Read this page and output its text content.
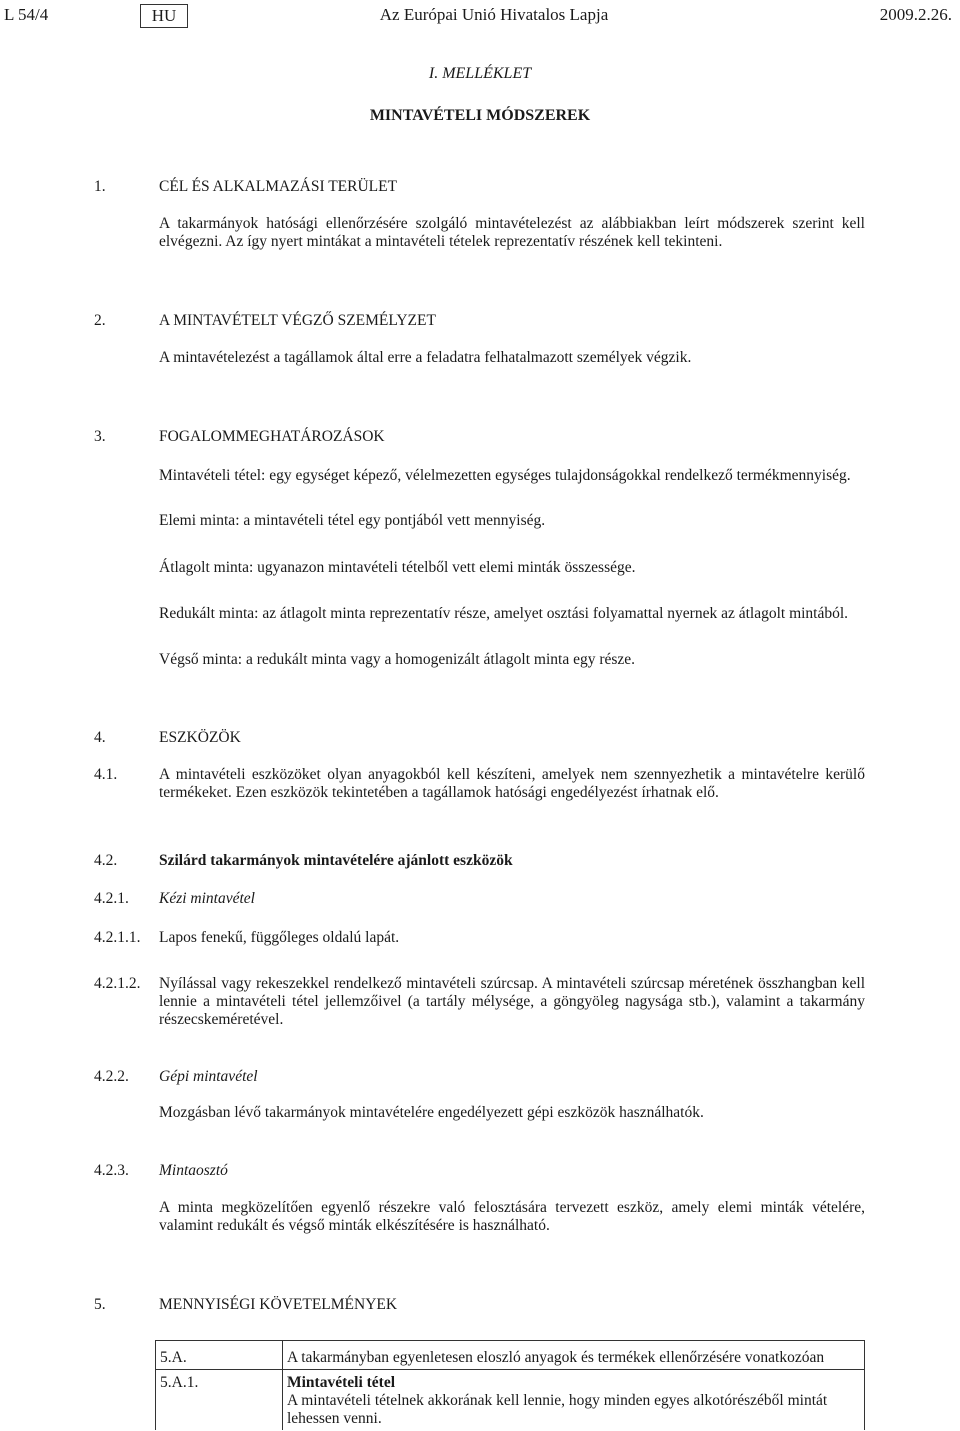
L 54/4	HU	Az Európai Unió Hivatalos Lapja	2009.2.26.
I. MELLÉKLET
MINTAVÉTELI MÓDSZEREK
1.	CÉL ÉS ALKALMAZÁSI TERÜLET
A takarmányok hatósági ellenőrzésére szolgáló mintavételezést az alábbiakban leírt módszerek szerint kell elvégezni. Az így nyert mintákat a mintavételi tételek reprezentatív részének kell tekinteni.
2.	A MINTAVÉTELT VÉGZŐ SZEMÉLYZET
A mintavételezést a tagállamok által erre a feladatra felhatalmazott személyek végzik.
3.	FOGALOMMEGHATÁROZÁSOK
Mintavételi tétel: egy egységet képező, vélelmezetten egységes tulajdonságokkal rendelkező termékmennyiség.
Elemi minta: a mintavételi tétel egy pontjából vett mennyiség.
Átlagolt minta: ugyanazon mintavételi tételből vett elemi minták összessége.
Redukált minta: az átlagolt minta reprezentatív része, amelyet osztási folyamattal nyernek az átlagolt mintából.
Végső minta: a redukált minta vagy a homogenizált átlagolt minta egy része.
4.	ESZKÖZÖK
4.1.	A mintavételi eszközöket olyan anyagokból kell készíteni, amelyek nem szennyezhetik a mintavételre kerülő termékeket. Ezen eszközök tekintetében a tagállamok hatósági engedélyezést írhatnak elő.
4.2.	Szilárd takarmányok mintavételére ajánlott eszközök
4.2.1. Kézi mintavétel
4.2.1.1. Lapos fenekű, függőleges oldalú lapát.
4.2.1.2. Nyílással vagy rekeszekkel rendelkező mintavételi szúrcsap. A mintavételi szúrcsap méretének összhangban kell lennie a mintavételi tétel jellemzőivel (a tartály mélysége, a göngyöleg nagysága stb.), valamint a takarmány részecskeméretével.
4.2.2. Gépi mintavétel
Mozgásban lévő takarmányok mintavételére engedélyezett gépi eszközök használhatók.
4.2.3. Mintaosztó
A minta megközelítően egyenlő részekre való felosztására tervezett eszköz, amely elemi minták vételére, valamint redukált és végső minták elkészítésére is használható.
5.	MENNYISÉGI KÖVETELMÉNYEK
5.A.	A takarmányban egyenletesen eloszló anyagok és termékek ellenőrzésére vonatkozóan
5.A.1.	Mintavételi tétel
A mintavételi tételnek akkorának kell lennie, hogy minden egyes alkotórészéből mintát lehessen venni.
